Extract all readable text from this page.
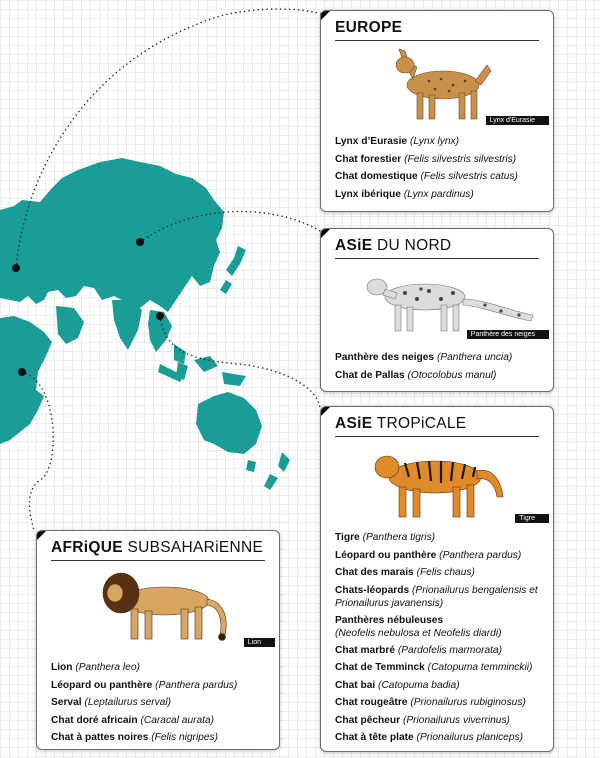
EUROPE
Lynx d'Eurasie
Lynx d’Eurasie (Lynx lynx)
Chat forestier (Felis silvestris silvestris)
Chat domestique (Felis silvestris catus)
Lynx ibérique (Lynx pardinus)
ASiE DU NORD
Panthère des neiges
Panthère des neiges (Panthera uncia)
Chat de Pallas (Otocolobus manul)
ASiE TROPiCALE
Tigre
Tigre (Panthera tigris)
Léopard ou panthère (Panthera pardus)
Chat des marais (Felis chaus)
Chats-léopards (Prionailurus bengalensis et Prionailurus javanensis)
Panthères nébuleuses
(Neofelis nebulosa et Neofelis diardi)
Chat marbré (Pardofelis marmorata)
Chat de Temminck (Catopuma temminckii)
Chat bai (Catopuma badia)
Chat rougeâtre (Prionailurus rubiginosus)
Chat pêcheur (Prionailurus viverrinus)
Chat à tête plate (Prionailurus planiceps)
AFRiQUE SUBSAHARiENNE
Lion
Lion (Panthera leo)
Léopard ou panthère (Panthera pardus)
Serval (Leptailurus serval)
Chat doré africain (Caracal aurata)
Chat à pattes noires (Felis nigripes)
